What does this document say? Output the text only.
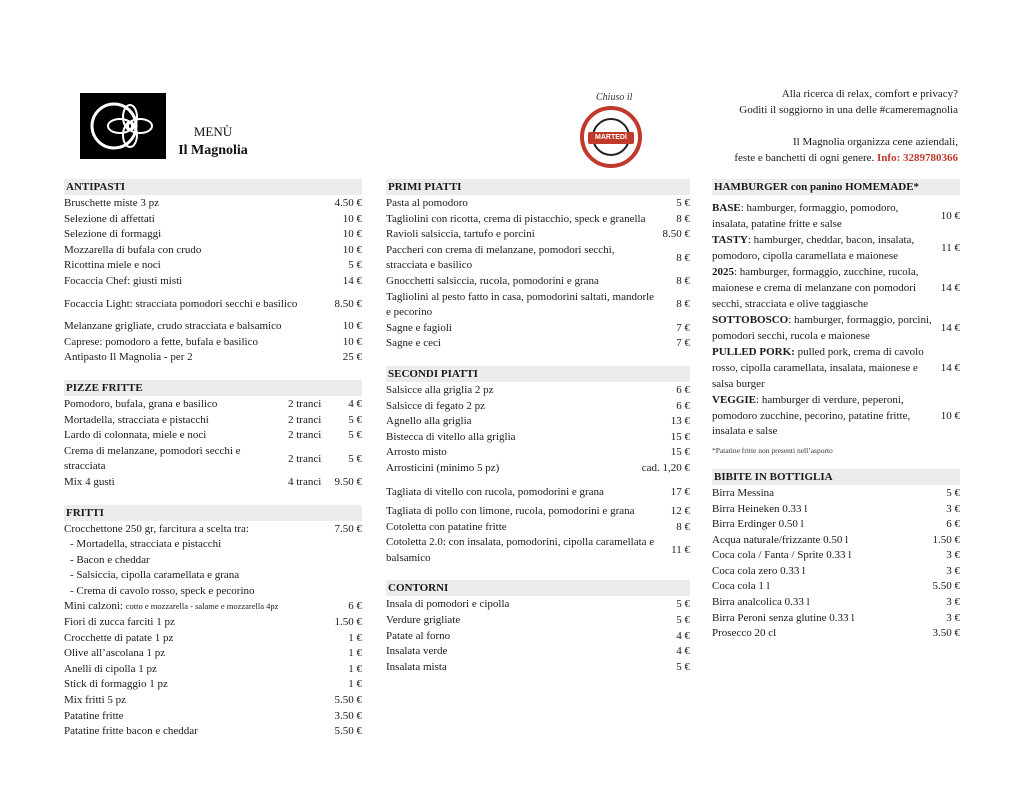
MENÙ
Il Magnolia
Chiuso il
MARTEDÌ
Alla ricerca di relax, comfort e privacy?
Goditi il soggiorno in una delle #cameremagnolia
Il Magnolia organizza cene aziendali,
feste e banchetti di ogni genere. Info: 3289780366
ANTIPASTI
Bruschette miste 3 pz	4.50 €
Selezione di affettati	10 €
Selezione di formaggi	10 €
Mozzarella di bufala con crudo	10 €
Ricottina miele e noci	5 €
Focaccia Chef: giusti misti	14 €
Focaccia Light: stracciata pomodori secchi e basilico	8.50 €
Melanzane grigliate, crudo stracciata e balsamico	10 €
Caprese: pomodoro a fette, bufala e basilico	10 €
Antipasto Il Magnolia - per 2	25 €
PIZZE FRITTE
Pomodoro, bufala, grana e basilico	2 tranci	4 €
Mortadella, stracciata e pistacchi	2 tranci	5 €
Lardo di colonnata, miele e noci	2 tranci	5 €
Crema di melanzane, pomodori secchi e stracciata
2 tranci	5 €
Mix 4 gusti	4 tranci	9.50 €
FRITTI
Crocchettone 250 gr, farcitura a scelta tra:	7.50 €
- Mortadella, stracciata e pistacchi
- Bacon e cheddar
- Salsiccia, cipolla caramellata e grana
- Crema di cavolo rosso, speck e pecorino
Mini calzoni: cotto e mozzarella - salame e mozzarella 4pz	6 €
Fiori di zucca farciti 1 pz	1.50 €
Crocchette di patate 1 pz	1 €
Olive all’ascolana 1 pz	1 €
Anelli di cipolla 1 pz	1 €
Stick di formaggio 1 pz	1 €
Mix fritti 5 pz	5.50 €
Patatine fritte	3.50 €
Patatine fritte bacon e cheddar	5.50 €
PRIMI PIATTI
Pasta al pomodoro	5 €
Tagliolini con ricotta, crema di pistacchio, speck e granella	8 €
Ravioli salsiccia, tartufo e porcini	8.50 €
Paccheri con crema di melanzane, pomodori secchi, stracciata e basilico
8 €
Gnocchetti salsiccia, rucola, pomodorini e grana	8 €
Tagliolini al pesto fatto in casa, pomodorini saltati, mandorle e pecorino
8 €
Sagne e fagioli	7 €
Sagne e ceci	7 €
SECONDI PIATTI
Salsicce alla griglia 2 pz	6 €
Salsicce di fegato 2 pz	6 €
Agnello alla griglia	13 €
Bistecca di vitello alla griglia	15 €
Arrosto misto	15 €
Arrosticini (minimo 5 pz)	cad. 1,20 €
Tagliata di vitello con rucola, pomodorini e grana	17 €
Tagliata di pollo con limone, rucola, pomodorini e grana	12 €
Cotoletta con patatine fritte	8 €
Cotoletta 2.0: con insalata, pomodorini, cipolla caramellata e balsamico
11 €
CONTORNI
Insala di pomodori e cipolla	5 €
Verdure grigliate	5 €
Patate al forno	4 €
Insalata verde	4 €
Insalata mista	5 €
HAMBURGER con panino HOMEMADE*
BASE: hamburger, formaggio, pomodoro, insalata, patatine fritte e salse
10 €
TASTY: hamburger, cheddar, bacon, insalata, pomodoro, cipolla caramellata e maionese
11 €
2025: hamburger, formaggio, zucchine, rucola, maionese e crema di melanzane con pomodori secchi, stracciata e olive taggiasche
14 €
SOTTOBOSCO: hamburger, formaggio, porcini, pomodori secchi, rucola e maionese
14 €
PULLED PORK: pulled pork, crema di cavolo rosso, cipolla caramellata, insalata, maionese e salsa burger
14 €
VEGGIE: hamburger di verdure, peperoni, pomodoro zucchine, pecorino, patatine fritte, insalata e salse
10 €
*Patatine fritte non presenti nell’asporto
BIBITE IN BOTTIGLIA
Birra Messina	5 €
Birra Heineken 0.33 l	3 €
Birra Erdinger 0.50 l	6 €
Acqua naturale/frizzante 0.50 l	1.50 €
Coca cola / Fanta / Sprite 0.33 l	3 €
Coca cola zero 0.33 l	3 €
Coca cola 1 l	5.50 €
Birra analcolica 0.33 l	3 €
Birra Peroni senza glutine 0.33 l	3 €
Prosecco 20 cl	3.50 €
